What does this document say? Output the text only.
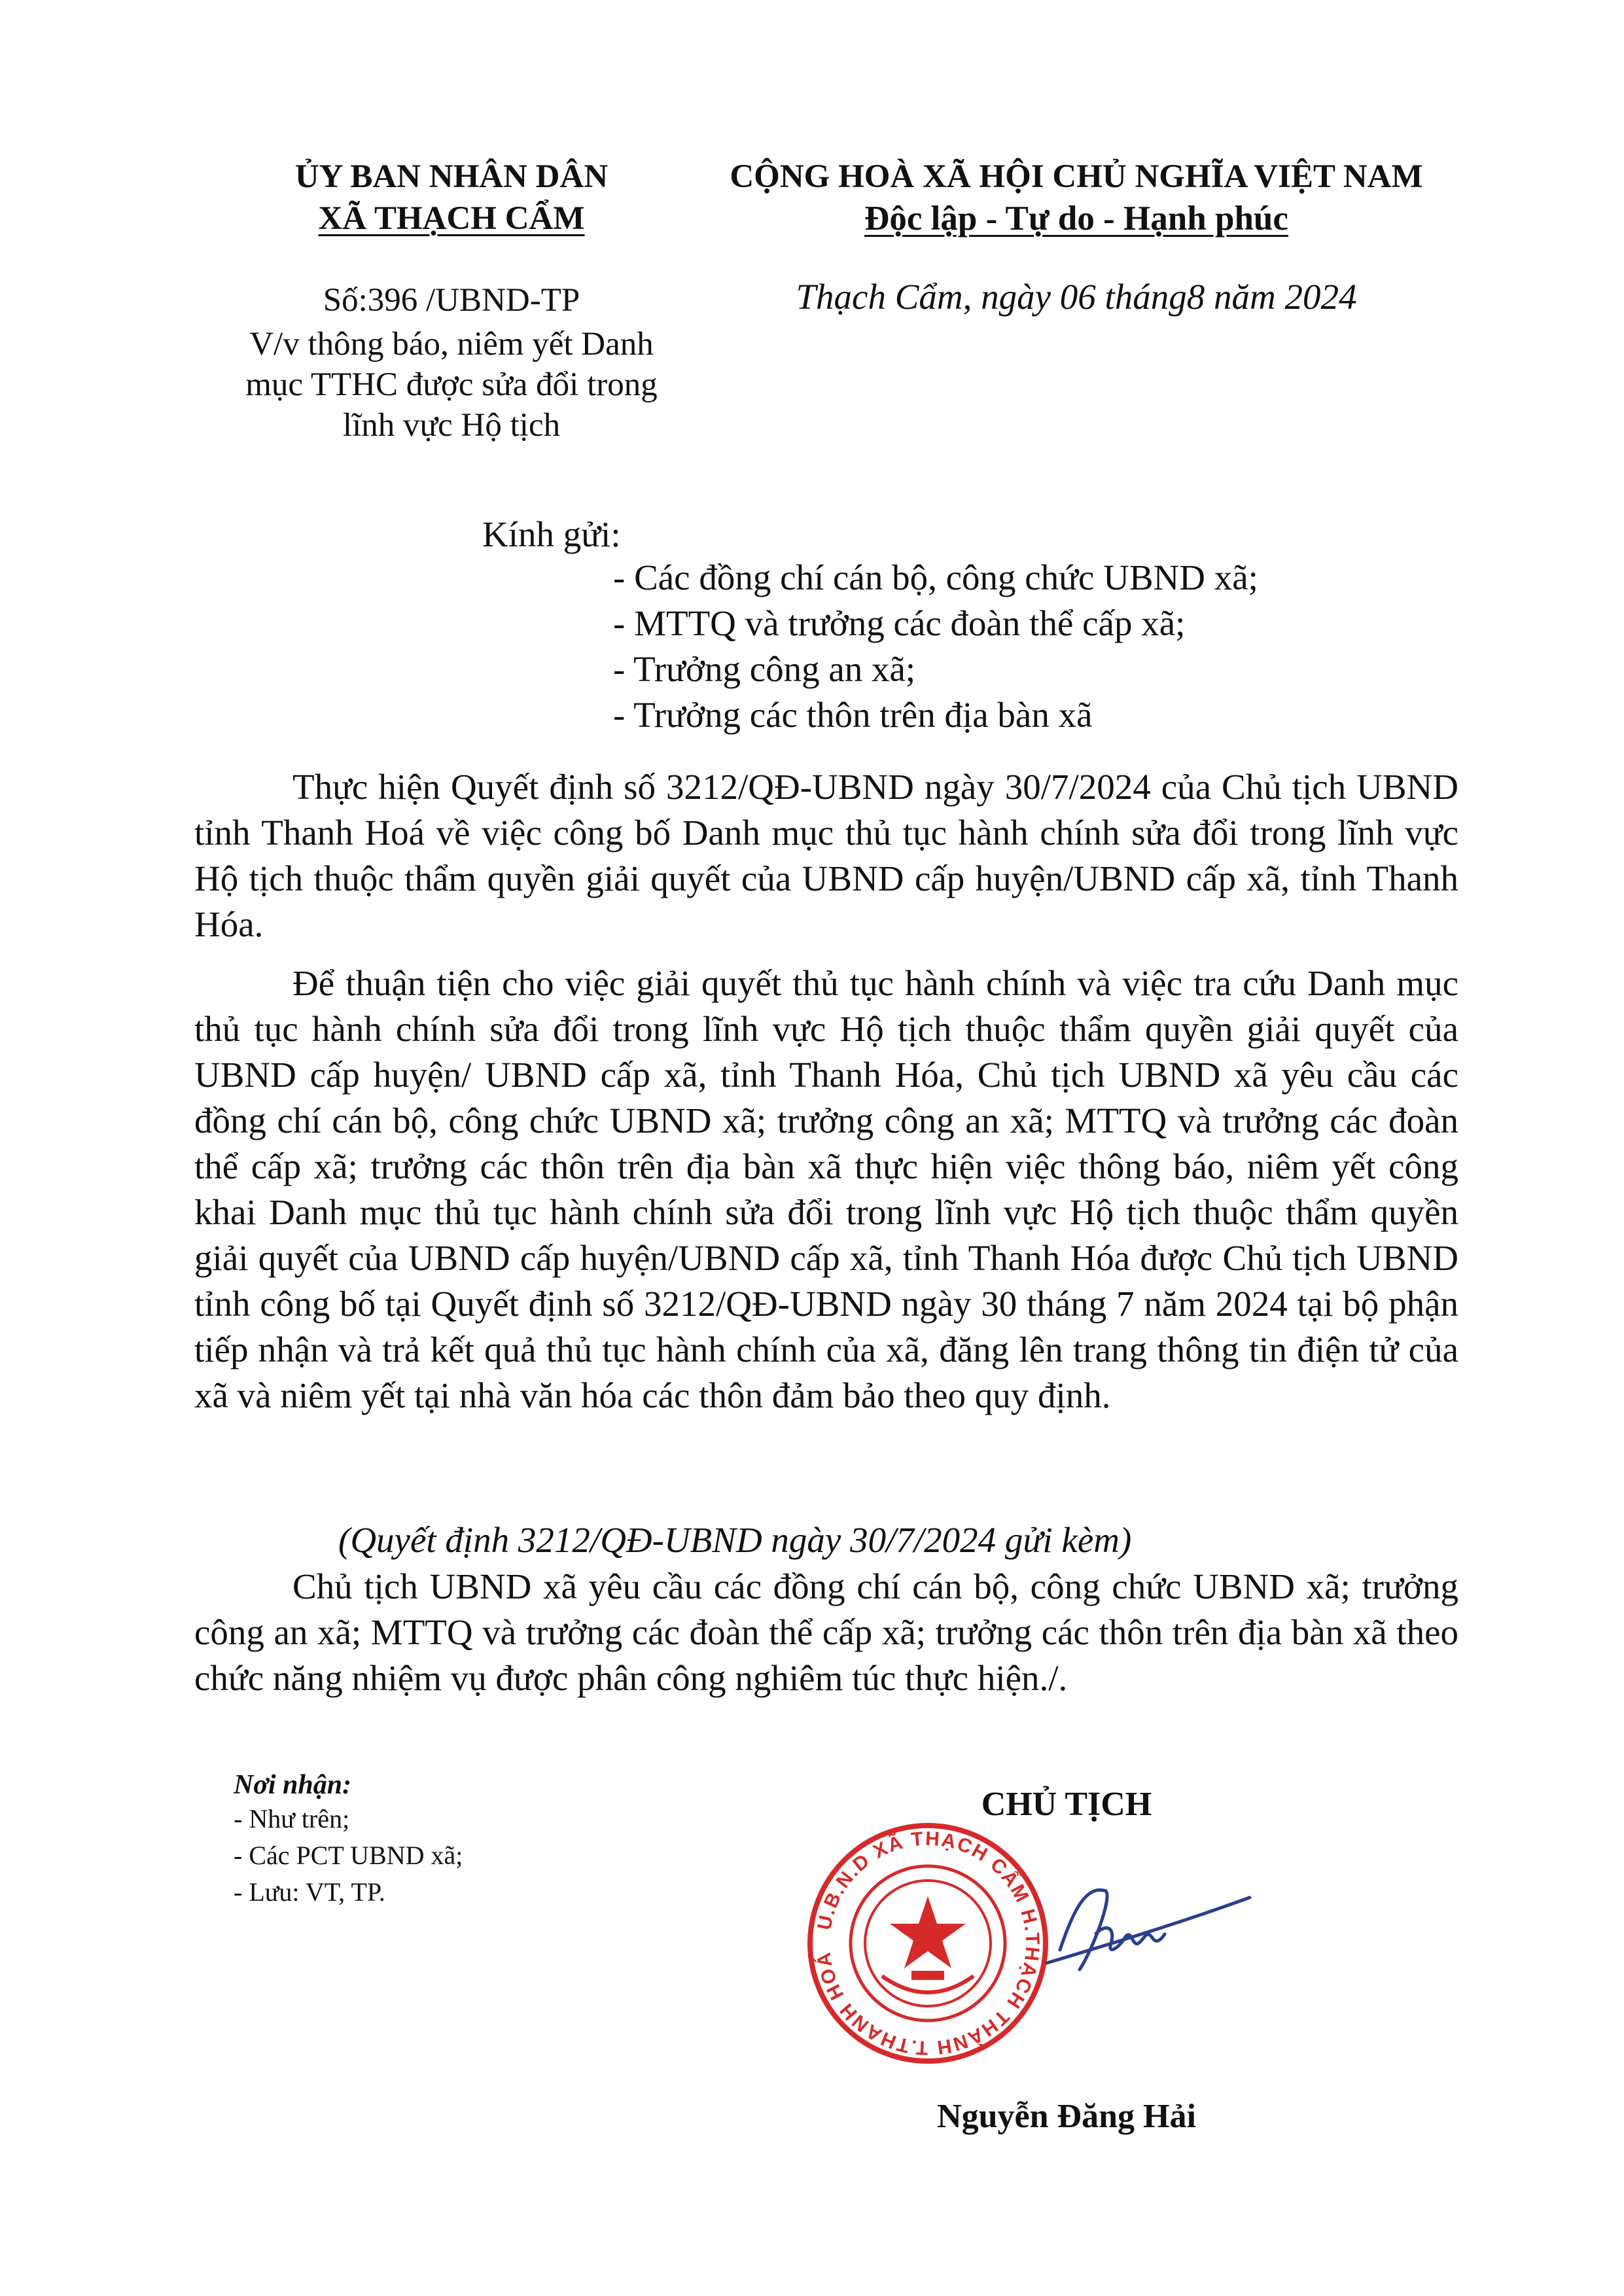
ỦY BAN NHÂN DÂN
XÃ THẠCH CẨM
CỘNG HOÀ XÃ HỘI CHỦ NGHĨA VIỆT NAM
Độc lập - Tự do - Hạnh phúc
Số:396 /UBND-TP	Thạch Cẩm, ngày 06 tháng8 năm 2024
V/v thông báo, niêm yết Danh
mục TTHC được sửa đổi trong
lĩnh vực Hộ tịch
Kính gửi:

- Các đồng chí cán bộ, công chức UBND xã;

- MTTQ và trưởng các đoàn thể cấp xã;

- Trưởng công an xã;

- Trưởng các thôn trên địa bàn xã

Thực hiện Quyết định số 3212/QĐ-UBND ngày 30/7/2024 của Chủ tịch UBND tỉnh Thanh Hoá về việc công bố Danh mục thủ tục hành chính sửa đổi trong lĩnh vực Hộ tịch thuộc thẩm quyền giải quyết của UBND cấp huyện/UBND cấp xã, tỉnh Thanh Hóa.

Để thuận tiện cho việc giải quyết thủ tục hành chính và việc tra cứu Danh mục thủ tục hành chính sửa đổi trong lĩnh vực Hộ tịch thuộc thẩm quyền giải quyết của UBND cấp huyện/ UBND cấp xã, tỉnh Thanh Hóa, Chủ tịch UBND xã yêu cầu các đồng chí cán bộ, công chức UBND xã; trưởng công an xã; MTTQ và trưởng các đoàn thể cấp xã; trưởng các thôn trên địa bàn xã thực hiện việc thông báo, niêm yết công khai Danh mục thủ tục hành chính sửa đổi trong lĩnh vực Hộ tịch thuộc thẩm quyền giải quyết của UBND cấp huyện/UBND cấp xã, tỉnh Thanh Hóa được Chủ tịch UBND tỉnh công bố tại Quyết định số 3212/QĐ-UBND ngày 30 tháng 7 năm 2024 tại bộ phận tiếp nhận và trả kết quả thủ tục hành chính của xã, đăng lên trang thông tin điện tử của xã và niêm yết tại nhà văn hóa các thôn đảm bảo theo quy định.

(Quyết định 3212/QĐ-UBND ngày 30/7/2024 gửi kèm)

Chủ tịch UBND xã yêu cầu các đồng chí cán bộ, công chức UBND xã; trưởng công an xã; MTTQ và trưởng các đoàn thể cấp xã; trưởng các thôn trên địa bàn xã theo chức năng nhiệm vụ được phân công nghiêm túc thực hiện./.

Nơi nhận:
- Như trên;
- Các PCT UBND xã;
- Lưu: VT, TP.
CHỦ TỊCH
U.B.N.D XÃ THẠCH CẨM H.THẠCH THÀNH T.THANH HOÁ
Nguyễn Đăng Hải
